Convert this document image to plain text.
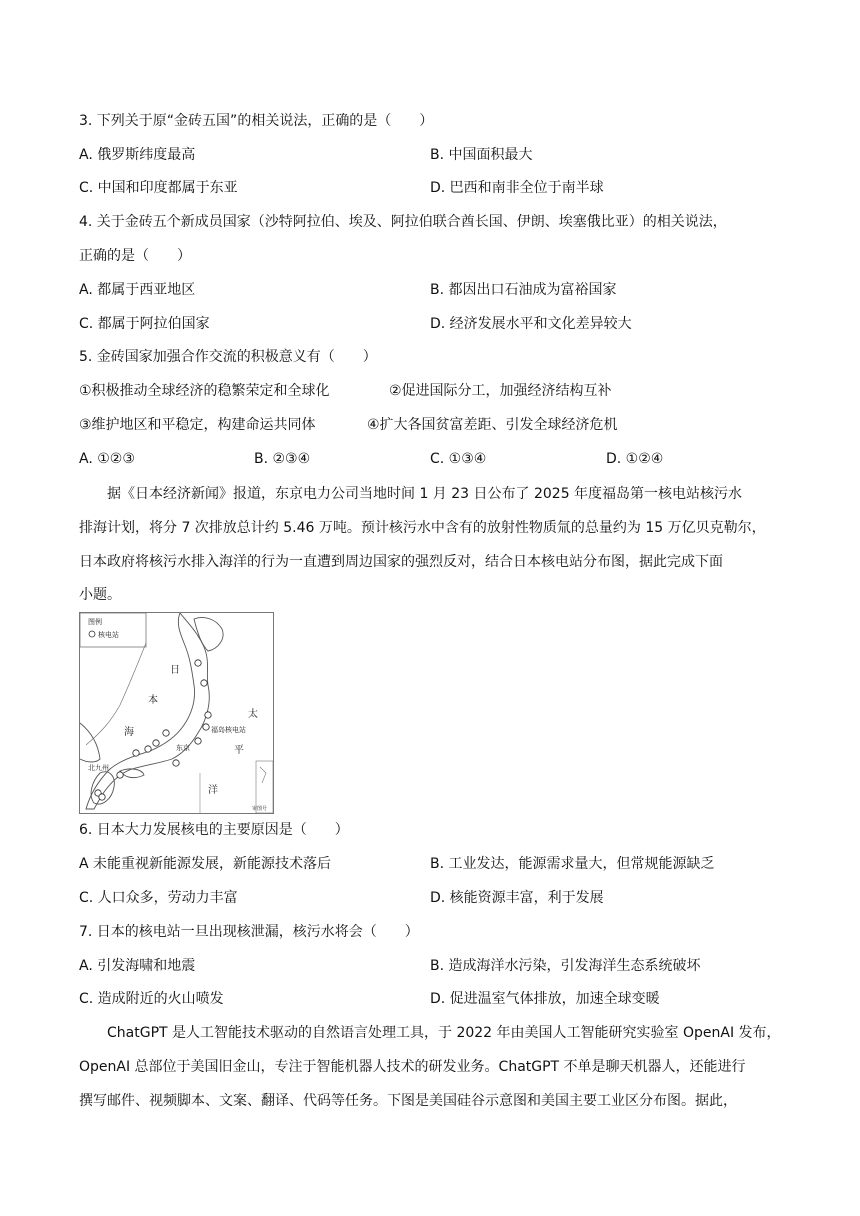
3. 下列关于原“金砖五国”的相关说法，正确的是（　　）
A. 俄罗斯纬度最高	B. 中国面积最大
C. 中国和印度都属于东亚	D. 巴西和南非全位于南半球
4. 关于金砖五个新成员国家（沙特阿拉伯、埃及、阿拉伯联合酋长国、伊朗、埃塞俄比亚）的相关说法，
正确的是（　　）
A. 都属于西亚地区	B. 都因出口石油成为富裕国家
C. 都属于阿拉伯国家	D. 经济发展水平和文化差异较大
5. 金砖国家加强合作交流的积极意义有（　　）
①积极推动全球经济的稳繁荣定和全球化	②促进国际分工，加强经济结构互补
③维护地区和平稳定，构建命运共同体	④扩大各国贫富差距、引发全球经济危机
A. ①②③	B. ②③④	C. ①③④	D. ①②④
据《日本经济新闻》报道，东京电力公司当地时间 1 月 23 日公布了 2025 年度福岛第一核电站核污水
排海计划，将分 7 次排放总计约 5.46 万吨。预计核污水中含有的放射性物质氚的总量约为 15 万亿贝克勒尔，
日本政府将核污水排入海洋的行为一直遭到周边国家的强烈反对，结合日本核电站分布图，据此完成下面
小题。
图例
核电站
日
本
海
太
平
洋
福岛核电站
东京
北九州
审图号
6. 日本大力发展核电的主要原因是（　　）
A 未能重视新能源发展，新能源技术落后	B. 工业发达，能源需求量大，但常规能源缺乏
C. 人口众多，劳动力丰富	D. 核能资源丰富，利于发展
7. 日本的核电站一旦出现核泄漏，核污水将会（　　）
A. 引发海啸和地震	B. 造成海洋水污染，引发海洋生态系统破坏
C. 造成附近的火山喷发	D. 促进温室气体排放，加速全球变暖
ChatGPT 是人工智能技术驱动的自然语言处理工具，于 2022 年由美国人工智能研究实验室 OpenAI 发布，
OpenAI 总部位于美国旧金山，专注于智能机器人技术的研发业务。ChatGPT 不单是聊天机器人，还能进行
撰写邮件、视频脚本、文案、翻译、代码等任务。下图是美国硅谷示意图和美国主要工业区分布图。据此，
